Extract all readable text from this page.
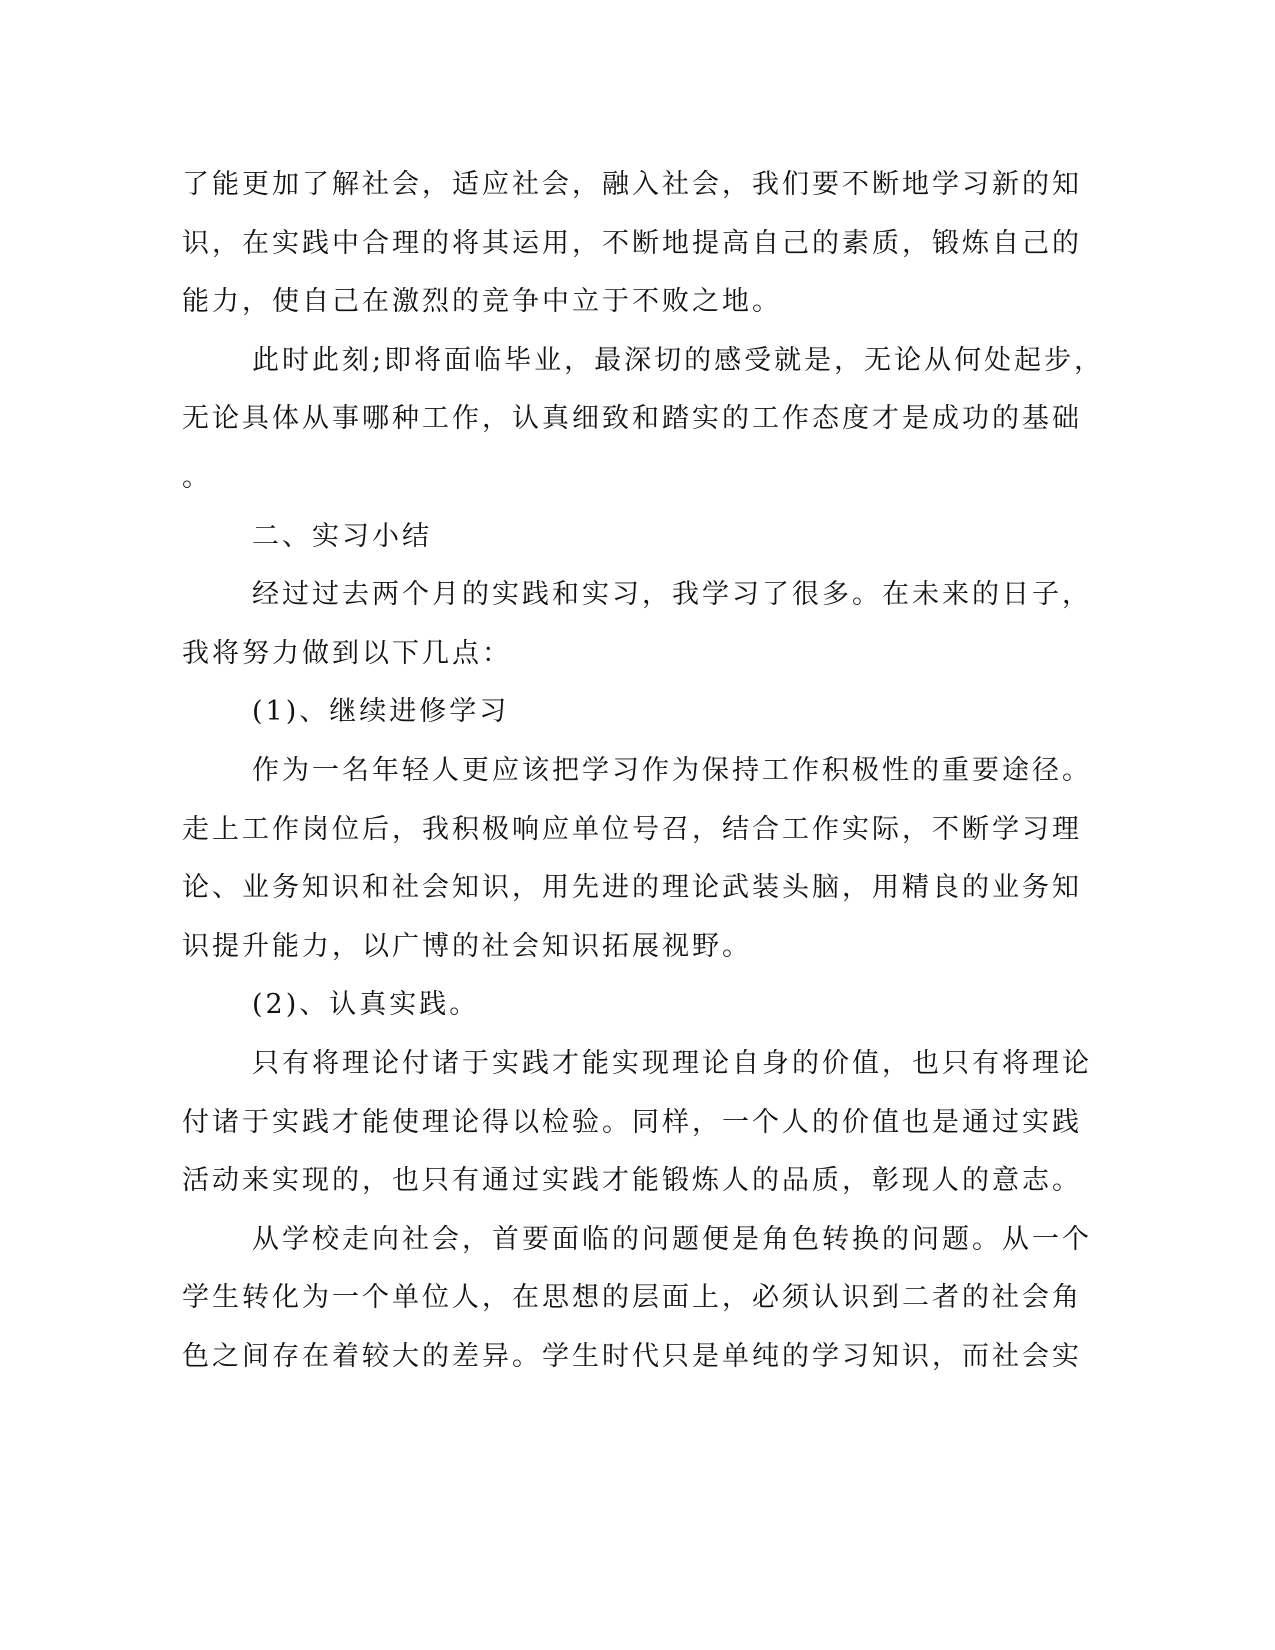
了能更加了解社会，适应社会，融入社会，我们要不断地学习新的知
识，在实践中合理的将其运用，不断地提高自己的素质，锻炼自己的
能力，使自己在激烈的竞争中立于不败之地。
此时此刻;即将面临毕业，最深切的感受就是，无论从何处起步，
无论具体从事哪种工作，认真细致和踏实的工作态度才是成功的基础
。
二、实习小结
经过过去两个月的实践和实习，我学习了很多。在未来的日子，
我将努力做到以下几点：
(1)、继续进修学习
作为一名年轻人更应该把学习作为保持工作积极性的重要途径。
走上工作岗位后，我积极响应单位号召，结合工作实际，不断学习理
论、业务知识和社会知识，用先进的理论武装头脑，用精良的业务知
识提升能力，以广博的社会知识拓展视野。
(2)、认真实践。
只有将理论付诸于实践才能实现理论自身的价值，也只有将理论
付诸于实践才能使理论得以检验。同样，一个人的价值也是通过实践
活动来实现的，也只有通过实践才能锻炼人的品质，彰现人的意志。
从学校走向社会，首要面临的问题便是角色转换的问题。从一个
学生转化为一个单位人，在思想的层面上，必须认识到二者的社会角
色之间存在着较大的差异。学生时代只是单纯的学习知识，而社会实
